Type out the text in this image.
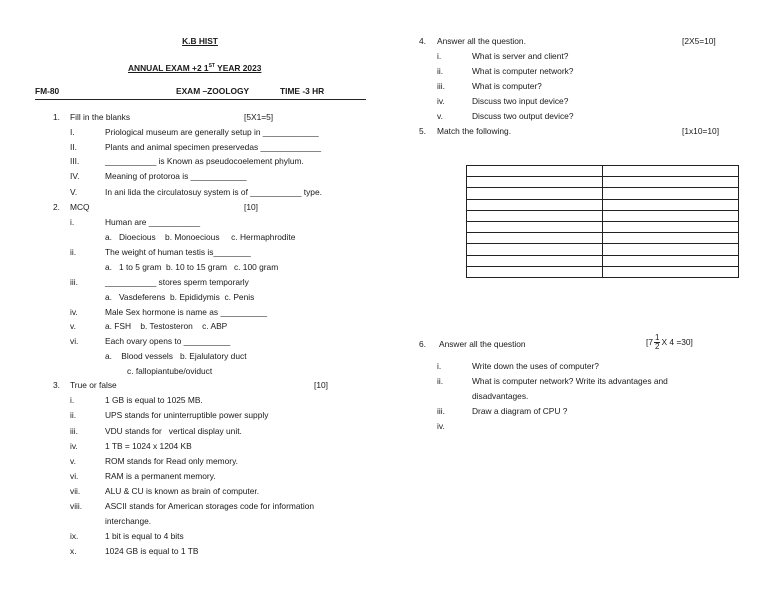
K.B HIST
ANNUAL EXAM +2 1ST YEAR 2023
FM-80	EXAM –ZOOLOGY	TIME -3 HR
1. Fill in the blanks	[5X1=5]
I.	Priological museum are generally setup in ____________
II.	Plants and animal specimen preservedas _____________
III.	___________ is Known as pseudocoelement phylum.
IV.	Meaning of protoroa is ____________
V.	In ani lida the circulatosuy system is of ___________ type.
2. MCQ	[10]
i.	Human are ___________
a.   Dioecious    b. Monoecious     c. Hermaphrodite
ii.	The weight of human testis is________
a.   1 to 5 gram  b. 10 to 15 gram   c. 100 gram
iii.	___________ stores sperm temporarly
a.   Vasdeferens  b. Epididymis  c. Penis
iv.	Male Sex hormone is name as __________
v.	a. FSH    b. Testosteron    c. ABP
vi.	Each ovary opens to __________
a.    Blood vessels   b. Ejalulatory duct
c. fallopiantube/oviduct
3. True or false	[10]
i.	1 GB is equal to 1025 MB.
ii.	UPS stands for uninterruptible power supply
iii.	VDU stands for   vertical display unit.
iv.	1 TB = 1024 x 1204 KB
v.	ROM stands for Read only memory.
vi.	RAM is a permanent memory.
vii.	ALU & CU is known as brain of computer.
viii.	ASCII stands for American storages code for information
interchange.
ix.	1 bit is equal to 4 bits
x.	1024 GB is equal to 1 TB
4. Answer all the question.	[2X5=10]
i.	What is server and client?
ii.	What is computer network?
iii.	What is computer?
iv.	Discuss two input device?
v.	Discuss two output device?
5. Match the following.	[1x10=10]

6. Answer all the question	[$7 \frac{1}{2}$ X 4 =30]
i.	Write down the uses of computer?
ii.	What is computer network? Write its advantages and
disadvantages.
iii.	Draw a diagram of CPU ?
iv.
